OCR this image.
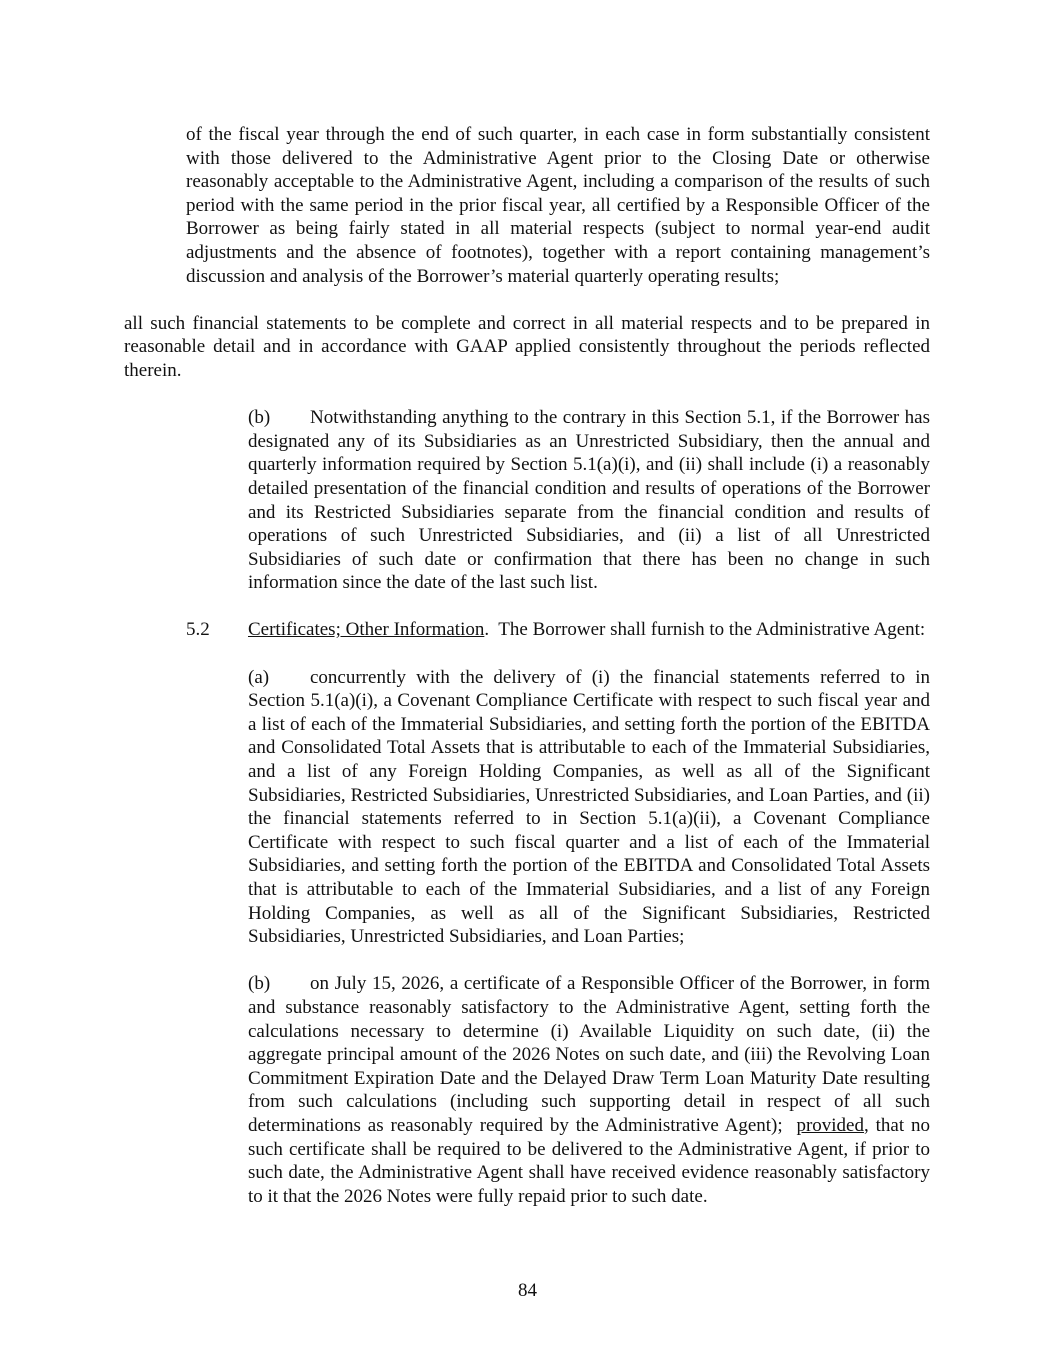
of the fiscal year through the end of such quarter, in each case in form substantially consistent with those delivered to the Administrative Agent prior to the Closing Date or otherwise reasonably acceptable to the Administrative Agent, including a comparison of the results of such period with the same period in the prior fiscal year, all certified by a Responsible Officer of the Borrower as being fairly stated in all material respects (subject to normal year-end audit adjustments and the absence of footnotes), together with a report containing management’s discussion and analysis of the Borrower’s material quarterly operating results;

all such financial statements to be complete and correct in all material respects and to be prepared in reasonable detail and in accordance with GAAP applied consistently throughout the periods reflected therein.

(b) Notwithstanding anything to the contrary in this Section 5.1, if the Borrower has designated any of its Subsidiaries as an Unrestricted Subsidiary, then the annual and quarterly information required by Section 5.1(a)(i), and (ii) shall include (i) a reasonably detailed presentation of the financial condition and results of operations of the Borrower and its Restricted Subsidiaries separate from the financial condition and results of operations of such Unrestricted Subsidiaries, and (ii) a list of all Unrestricted Subsidiaries of such date or confirmation that there has been no change in such information since the date of the last such list.

5.2 Certificates; Other Information. The Borrower shall furnish to the Administrative Agent:

(a) concurrently with the delivery of (i) the financial statements referred to in Section 5.1(a)(i), a Covenant Compliance Certificate with respect to such fiscal year and a list of each of the Immaterial Subsidiaries, and setting forth the portion of the EBITDA and Consolidated Total Assets that is attributable to each of the Immaterial Subsidiaries, and a list of any Foreign Holding Companies, as well as all of the Significant Subsidiaries, Restricted Subsidiaries, Unrestricted Subsidiaries, and Loan Parties, and (ii) the financial statements referred to in Section 5.1(a)(ii), a Covenant Compliance Certificate with respect to such fiscal quarter and a list of each of the Immaterial Subsidiaries, and setting forth the portion of the EBITDA and Consolidated Total Assets that is attributable to each of the Immaterial Subsidiaries, and a list of any Foreign Holding Companies, as well as all of the Significant Subsidiaries, Restricted Subsidiaries, Unrestricted Subsidiaries, and Loan Parties;

(b) on July 15, 2026, a certificate of a Responsible Officer of the Borrower, in form and substance reasonably satisfactory to the Administrative Agent, setting forth the calculations necessary to determine (i) Available Liquidity on such date, (ii) the aggregate principal amount of the 2026 Notes on such date, and (iii) the Revolving Loan Commitment Expiration Date and the Delayed Draw Term Loan Maturity Date resulting from such calculations (including such supporting detail in respect of all such determinations as reasonably required by the Administrative Agent); provided, that no such certificate shall be required to be delivered to the Administrative Agent, if prior to such date, the Administrative Agent shall have received evidence reasonably satisfactory to it that the 2026 Notes were fully repaid prior to such date.

84
